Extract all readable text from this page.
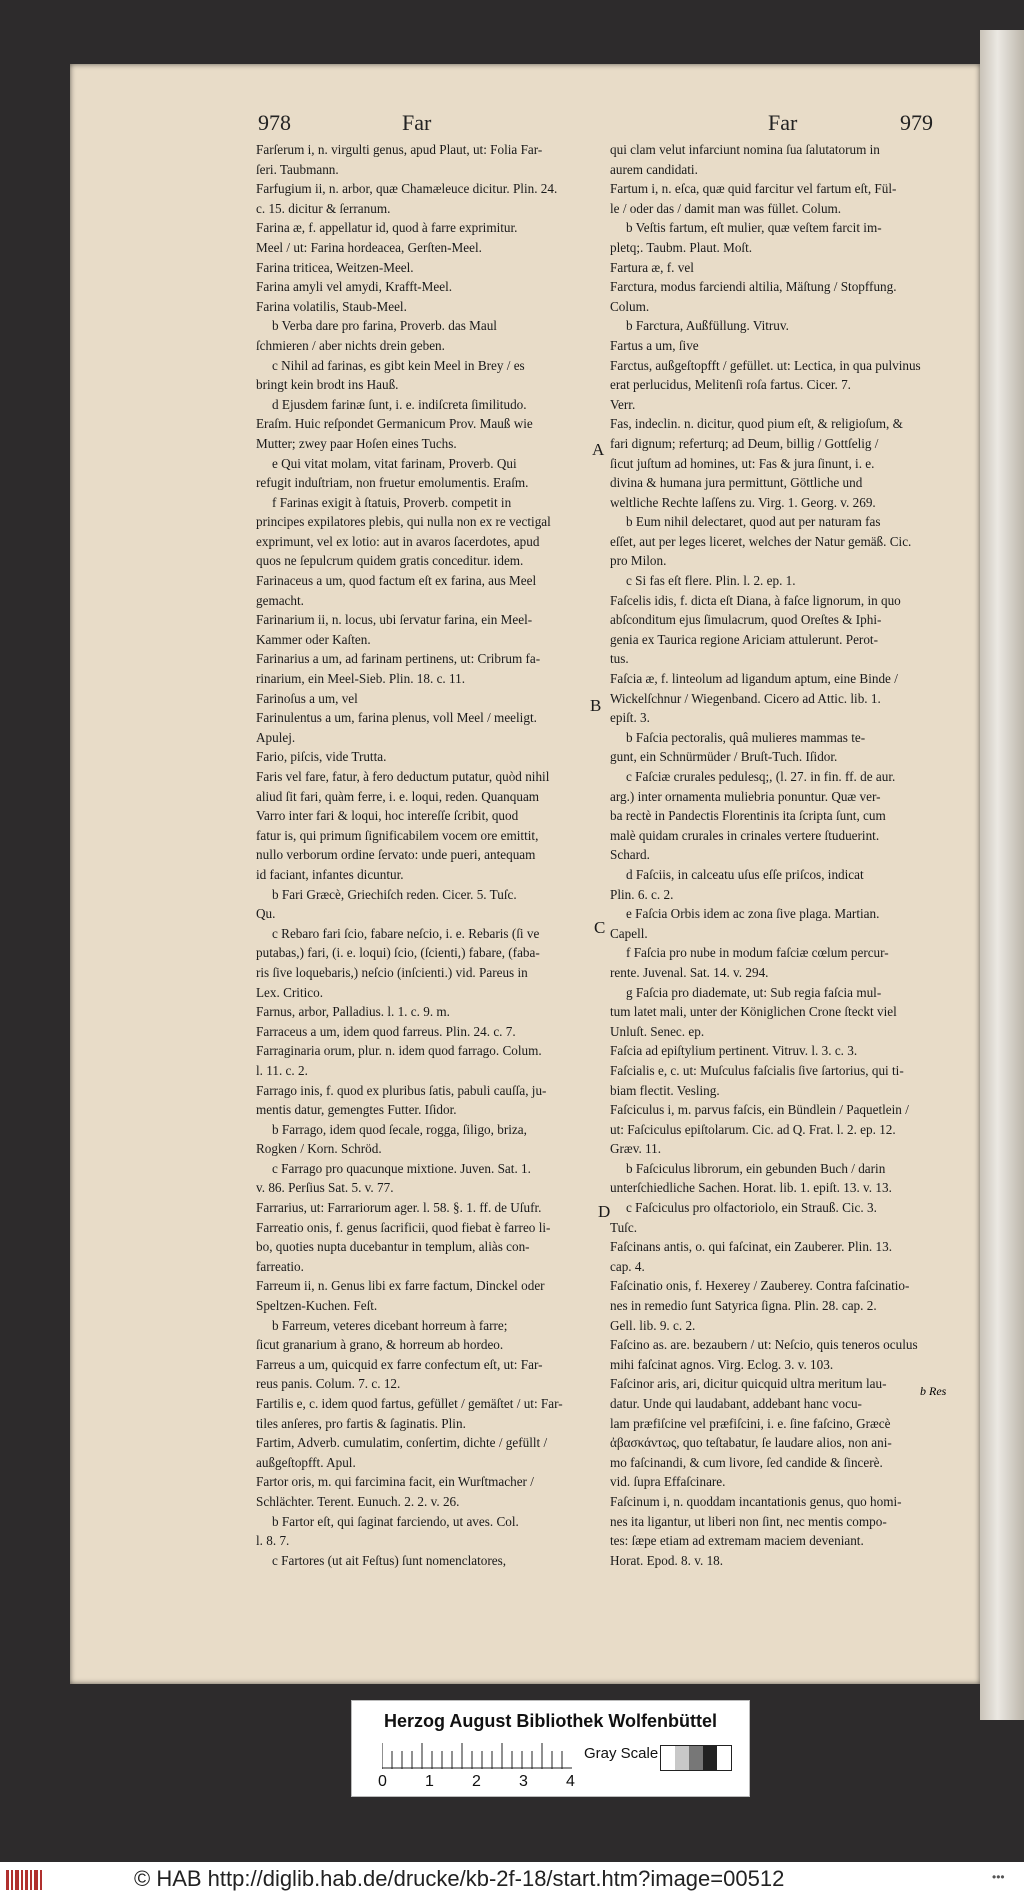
978	Far	Far	979

Farſerum i, n. virgulti genus, apud Plaut, ut: Folia Far-

ſeri. Taubmann.

Farfugium ii, n. arbor, quæ Chamæleuce dicitur. Plin. 24.

c. 15. dicitur & ſerranum.

Farina æ, f. appellatur id, quod à farre exprimitur.

Meel / ut: Farina hordeacea, Gerſten-Meel.

Farina triticea, Weitzen-Meel.

Farina amyli vel amydi, Krafft-Meel.

Farina volatilis, Staub-Meel.

b Verba dare pro farina, Proverb. das Maul

ſchmieren / aber nichts drein geben.

c Nihil ad farinas, es gibt kein Meel in Brey / es

bringt kein brodt ins Hauß.

d Ejusdem farinæ ſunt, i. e. indiſcreta ſimilitudo.

Eraſm. Huic reſpondet Germanicum Prov. Mauß wie

Mutter; zwey paar Hoſen eines Tuchs.

e Qui vitat molam, vitat farinam, Proverb. Qui

refugit induſtriam, non fruetur emolumentis. Eraſm.

f Farinas exigit à ſtatuis, Proverb. competit in

principes expilatores plebis, qui nulla non ex re vectigal

exprimunt, vel ex lotio: aut in avaros ſacerdotes, apud

quos ne ſepulcrum quidem gratis conceditur. idem.

Farinaceus a um, quod factum eſt ex farina, aus Meel

gemacht.

Farinarium ii, n. locus, ubi ſervatur farina, ein Meel-

Kammer oder Kaſten.

Farinarius a um, ad farinam pertinens, ut: Cribrum fa-

rinarium, ein Meel-Sieb. Plin. 18. c. 11.

Farinoſus a um, vel

Farinulentus a um, farina plenus, voll Meel / meeligt.

Apulej.

Fario, piſcis, vide Trutta.

Faris vel fare, fatur, à fero deductum putatur, quòd nihil

aliud ſit fari, quàm ferre, i. e. loqui, reden. Quanquam

Varro inter fari & loqui, hoc intereſſe ſcribit, quod

fatur is, qui primum ſignificabilem vocem ore emittit,

nullo verborum ordine ſervato: unde pueri, antequam

id faciant, infantes dicuntur.

b Fari Græcè, Griechiſch reden. Cicer. 5. Tuſc.

Qu.

c Rebaro fari ſcio, fabare neſcio, i. e. Rebaris (ſi ve

putabas,) fari, (i. e. loqui) ſcio, (ſcienti,) fabare, (faba-

ris ſive loquebaris,) neſcio (inſcienti.) vid. Pareus in

Lex. Critico.

Farnus, arbor, Palladius. l. 1. c. 9. m.

Farraceus a um, idem quod farreus. Plin. 24. c. 7.

Farraginaria orum, plur. n. idem quod farrago. Colum.

l. 11. c. 2.

Farrago inis, f. quod ex pluribus ſatis, pabuli cauſſa, ju-

mentis datur, gemengtes Futter. Iſidor.

b Farrago, idem quod ſecale, rogga, ſiligo, briza,

Rogken / Korn. Schröd.

c Farrago pro quacunque mixtione. Juven. Sat. 1.

v. 86. Perſius Sat. 5. v. 77.

Farrarius, ut: Farrariorum ager. l. 58. §. 1. ff. de Uſufr.

Farreatio onis, f. genus ſacrificii, quod fiebat è farreo li-

bo, quoties nupta ducebantur in templum, aliàs con-

farreatio.

Farreum ii, n. Genus libi ex farre factum, Dinckel oder

Speltzen-Kuchen. Feſt.

b Farreum, veteres dicebant horreum à farre;

ſicut granarium à grano, & horreum ab hordeo.

Farreus a um, quicquid ex farre confectum eſt, ut: Far-

reus panis. Colum. 7. c. 12.

Fartilis e, c. idem quod fartus, gefüllet / gemäſtet / ut: Far-

tiles anſeres, pro fartis & ſaginatis. Plin.

Fartim, Adverb. cumulatim, conſertim, dichte / gefüllt /

außgeſtopfft. Apul.

Fartor oris, m. qui farcimina facit, ein Wurſtmacher /

Schlächter. Terent. Eunuch. 2. 2. v. 26.

b Fartor eſt, qui ſaginat farciendo, ut aves. Col.

l. 8. 7.

c Fartores (ut ait Feſtus) ſunt nomenclatores,

qui clam velut infarciunt nomina ſua ſalutatorum in

aurem candidati.

Fartum i, n. eſca, quæ quid farcitur vel fartum eſt, Fül-

le / oder das / damit man was füllet. Colum.

b Veſtis fartum, eſt mulier, quæ veſtem farcit im-

pletq;. Taubm. Plaut. Moſt.

Fartura æ, f. vel

Farctura, modus farciendi altilia, Mäſtung / Stopffung.

Colum.

b Farctura, Außfüllung. Vitruv.

Fartus a um, ſive

Farctus, außgeſtopfft / gefüllet. ut: Lectica, in qua pulvinus

erat perlucidus, Melitenſi roſa fartus. Cicer. 7.

Verr.

Fas, indeclin. n. dicitur, quod pium eſt, & religioſum, &

fari dignum; referturq; ad Deum, billig / Gottſelig /

ſicut juſtum ad homines, ut: Fas & jura ſinunt, i. e.

divina & humana jura permittunt, Göttliche und

weltliche Rechte laſſens zu. Virg. 1. Georg. v. 269.

b Eum nihil delectaret, quod aut per naturam fas

eſſet, aut per leges liceret, welches der Natur gemäß. Cic.

pro Milon.

c Si fas eſt flere. Plin. l. 2. ep. 1.

Faſcelis idis, f. dicta eſt Diana, à faſce lignorum, in quo

abſconditum ejus ſimulacrum, quod Oreſtes & Iphi-

genia ex Taurica regione Ariciam attulerunt. Perot-

tus.

Faſcia æ, f. linteolum ad ligandum aptum, eine Binde /

Wickelſchnur / Wiegenband. Cicero ad Attic. lib. 1.

epiſt. 3.

b Faſcia pectoralis, quâ mulieres mammas te-

gunt, ein Schnürmüder / Bruſt-Tuch. Iſidor.

c Faſciæ crurales pedulesq;, (l. 27. in fin. ff. de aur.

arg.) inter ornamenta muliebria ponuntur. Quæ ver-

ba rectè in Pandectis Florentinis ita ſcripta ſunt, cum

malè quidam crurales in crinales vertere ſtuduerint.

Schard.

d Faſciis, in calceatu uſus eſſe priſcos, indicat

Plin. 6. c. 2.

e Faſcia Orbis idem ac zona ſive plaga. Martian.

Capell.

f Faſcia pro nube in modum faſciæ cœlum percur-

rente. Juvenal. Sat. 14. v. 294.

g Faſcia pro diademate, ut: Sub regia faſcia mul-

tum latet mali, unter der Königlichen Crone ſteckt viel

Unluſt. Senec. ep.

Faſcia ad epiſtylium pertinent. Vitruv. l. 3. c. 3.

Faſcialis e, c. ut: Muſculus faſcialis ſive ſartorius, qui ti-

biam flectit. Vesling.

Faſciculus i, m. parvus faſcis, ein Bündlein / Paquetlein /

ut: Faſciculus epiſtolarum. Cic. ad Q. Frat. l. 2. ep. 12.

Græv. 11.

b Faſciculus librorum, ein gebunden Buch / darin

unterſchiedliche Sachen. Horat. lib. 1. epiſt. 13. v. 13.

c Faſciculus pro olfactoriolo, ein Strauß. Cic. 3.

Tuſc.

Faſcinans antis, o. qui faſcinat, ein Zauberer. Plin. 13.

cap. 4.

Faſcinatio onis, f. Hexerey / Zauberey. Contra faſcinatio-

nes in remedio ſunt Satyrica ſigna. Plin. 28. cap. 2.

Gell. lib. 9. c. 2.

Faſcino as. are. bezaubern / ut: Neſcio, quis teneros oculus

mihi faſcinat agnos. Virg. Eclog. 3. v. 103.

Faſcinor aris, ari, dicitur quicquid ultra meritum lau-

datur. Unde qui laudabant, addebant hanc vocu-

lam præfiſcine vel præfiſcini, i. e. ſine faſcino, Græcè

ἀβασκάντως, quo teſtabatur, ſe laudare alios, non ani-

mo faſcinandi, & cum livore, ſed candide & ſincerè.

vid. ſupra Effaſcinare.

Faſcinum i, n. quoddam incantationis genus, quo homi-

nes ita ligantur, ut liberi non ſint, nec mentis compo-

tes: ſæpe etiam ad extremam maciem deveniant.

Horat. Epod. 8. v. 18.

A
B
C
D
b Res
Herzog August Bibliothek Wolfenbüttel
Gray Scale
0 1 2 3 4
© HAB http://diglib.hab.de/drucke/kb-2f-18/start.htm?image=00512	•••
